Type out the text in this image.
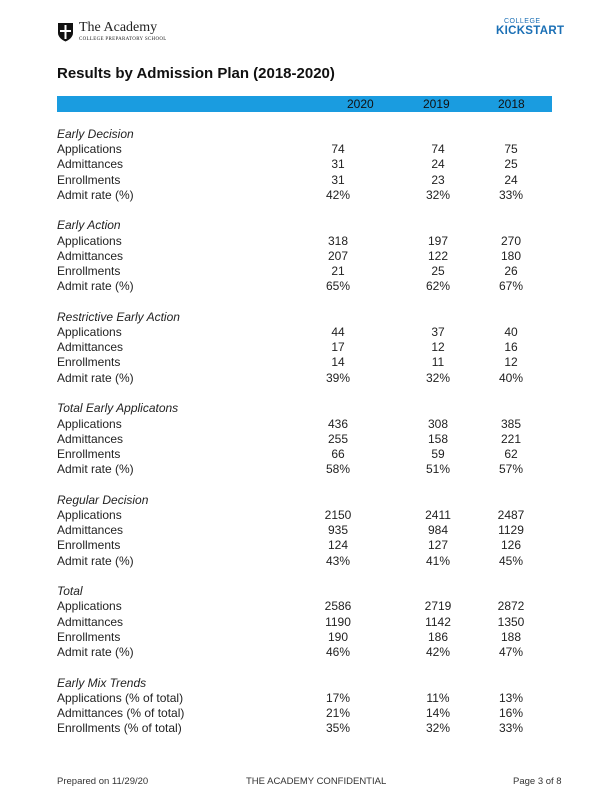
The Academy
COLLEGE PREPARATORY SCHOOL
COLLEGE
KICKSTART
Results by Admission Plan (2018-2020)
2020	2019	2018
Early Decision
Applications	74	74	75
Admittances	31	24	25
Enrollments	31	23	24
Admit rate (%)	42%	32%	33%
Early Action
Applications	318	197	270
Admittances	207	122	180
Enrollments	21	25	26
Admit rate (%)	65%	62%	67%
Restrictive Early Action
Applications	44	37	40
Admittances	17	12	16
Enrollments	14	11	12
Admit rate (%)	39%	32%	40%
Total Early Applicatons
Applications	436	308	385
Admittances	255	158	221
Enrollments	66	59	62
Admit rate (%)	58%	51%	57%
Regular Decision
Applications	2150	2411	2487
Admittances	935	984	1129
Enrollments	124	127	126
Admit rate (%)	43%	41%	45%
Total
Applications	2586	2719	2872
Admittances	1190	1142	1350
Enrollments	190	186	188
Admit rate (%)	46%	42%	47%
Early Mix Trends
Applications (% of total)	17%	11%	13%
Admittances (% of total)	21%	14%	16%
Enrollments (% of total)	35%	32%	33%
Prepared on 11/29/20	THE ACADEMY CONFIDENTIAL	Page 3 of 8
